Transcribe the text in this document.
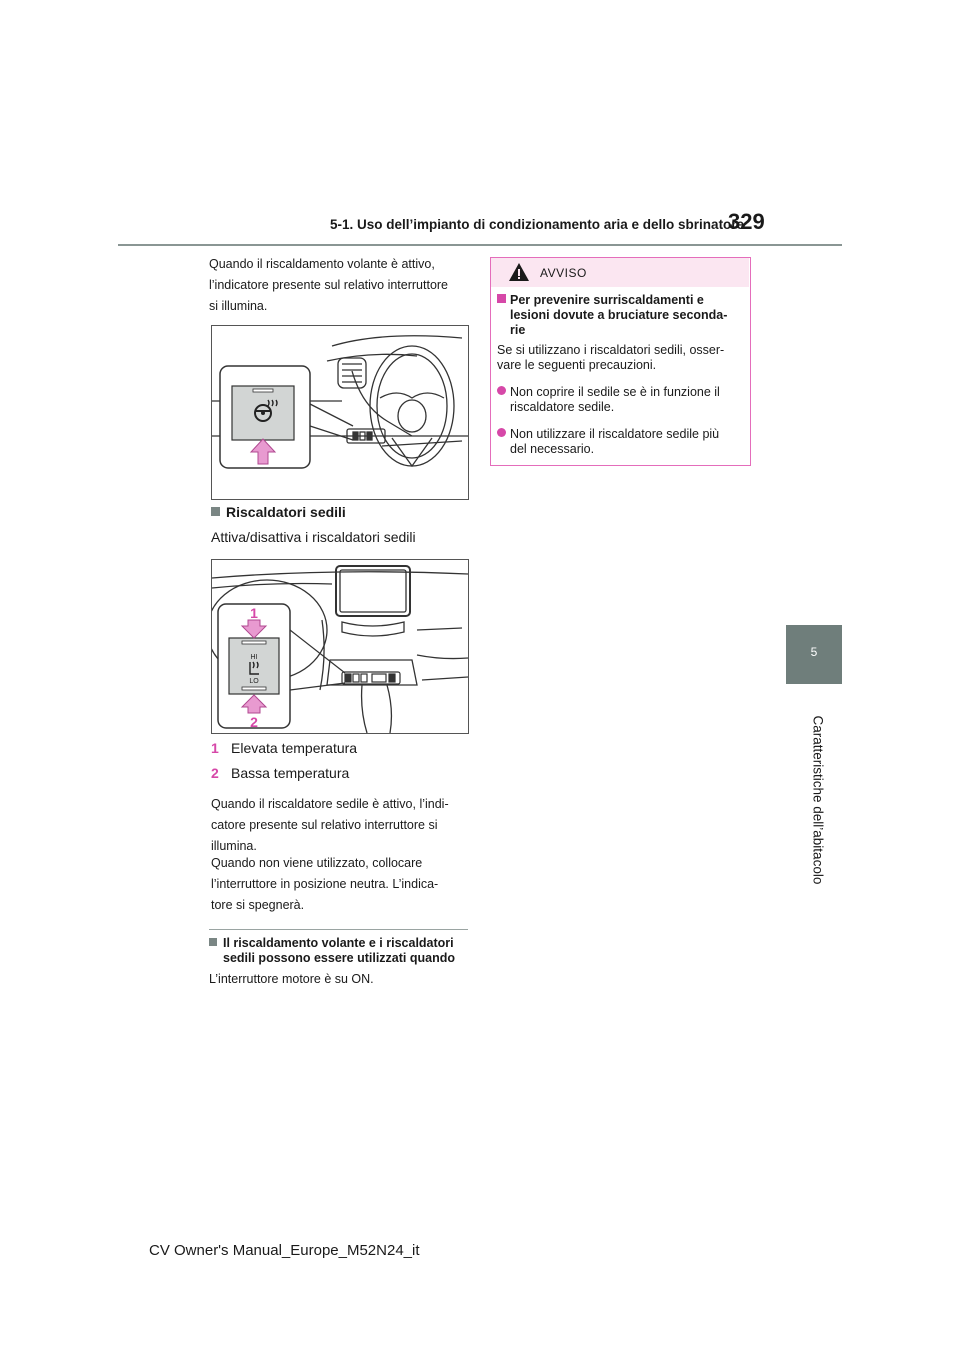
5-1. Uso dell’impianto di condizionamento aria e dello sbrinatore
329
5
Caratteristiche dell’abitacolo
Quando il riscaldamento volante è attivo,
l’indicatore presente sul relativo interruttore
si illumina.
Riscaldatori sedili
Attiva/disattiva i riscaldatori sedili
HI
LO
1
2
1 Elevata temperatura
2 Bassa temperatura
Quando il riscaldatore sedile è attivo, l’indi-
catore presente sul relativo interruttore si
illumina.
Quando non viene utilizzato, collocare
l’interruttore in posizione neutra. L’indica-
tore si spegnerà.
Il riscaldamento volante e i riscaldatori
sedili possono essere utilizzati quando
L’interruttore motore è su ON.
AVVISO
Per prevenire surriscaldamenti e
lesioni dovute a bruciature seconda-
rie
Se si utilizzano i riscaldatori sedili, osser-
vare le seguenti precauzioni.
Non coprire il sedile se è in funzione il
riscaldatore sedile.
Non utilizzare il riscaldatore sedile più
del necessario.
CV Owner's Manual_Europe_M52N24_it
